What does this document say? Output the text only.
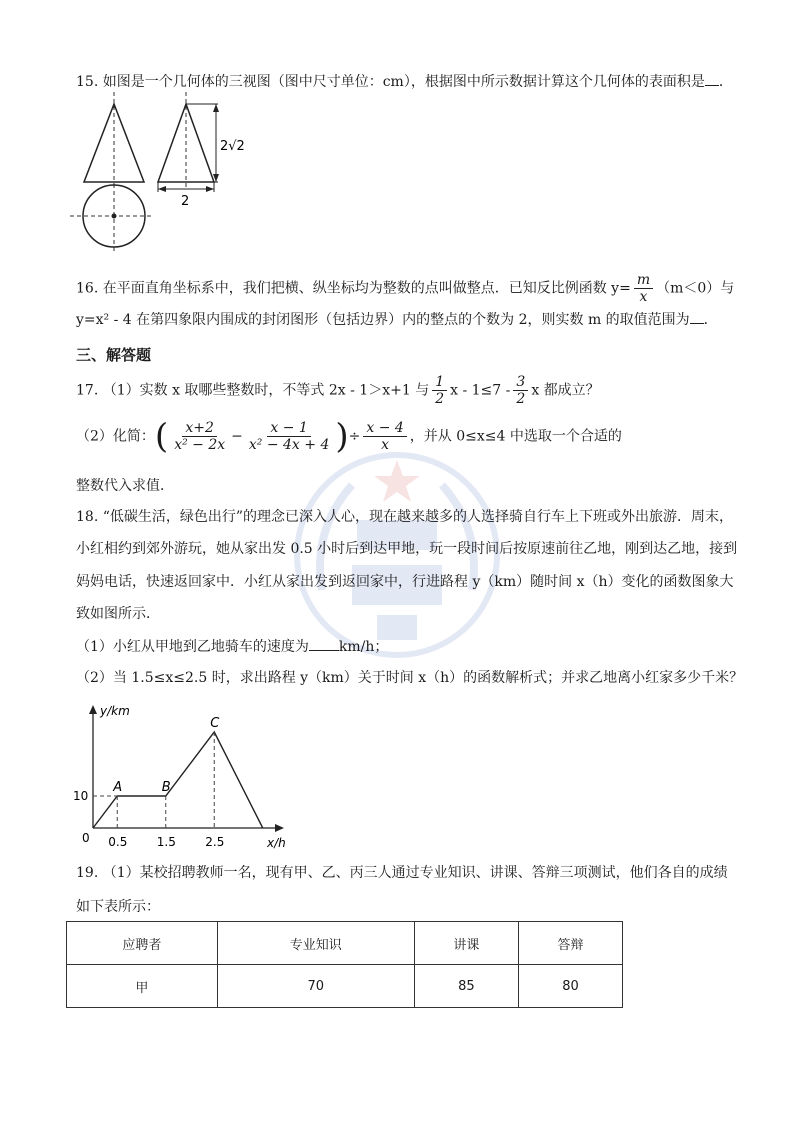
15. 如图是一个几何体的三视图（图中尺寸单位：cm），根据图中所示数据计算这个几何体的表面积是 ．
2√2
2
16. 在平面直角坐标系中，我们把横、纵坐标均为整数的点叫做整点．已知反比例函数 $y= \frac{m}{x} (m<0)$与
y=x² - 4 在第四象限内围成的封闭图形（包括边界）内的整点的个数为 2，则实数 m 的取值范围为 ．
三、解答题
17. （1）实数 x 取哪些整数时，不等式 2x - 1＞x+1 与 $\frac{1}{2}$ $x - 1\le 7 - \frac{3}{2}$ x 都成立？
（2）化简：( $\frac{x+2}{\text{x² − 2x}} - \frac{x - 1}{\text{x² − 4x + 4}}$ )÷ $\frac{x - 4}{x}$ ，并从 0≤x≤4 中选取一个合适的
整数代入求值．
18. “低碳生活，绿色出行”的理念已深入人心，现在越来越多的人选择骑自行车上下班或外出旅游．周末，
小红相约到郊外游玩，她从家出发 0.5 小时后到达甲地，玩一段时间后按原速前往乙地，刚到达乙地，接到
妈妈电话，快速返回家中．小红从家出发到返回家中，行进路程 y（km）随时间 x（h）变化的函数图象大
致如图所示．
（1）小红从甲地到乙地骑车的速度为 km/h；
（2）当 1.5≤x≤2.5 时，求出路程 y（km）关于时间 x（h）的函数解析式；并求乙地离小红家多少千米？
y/km
x/h
0 0.5 1.5 2.5
10
A	B
C
19. （1）某校招聘教师一名，现有甲、乙、丙三人通过专业知识、讲课、答辩三项测试，他们各自的成绩
如下表所示：
应聘者	专业知识	讲课	答辩
甲	70	85	80
